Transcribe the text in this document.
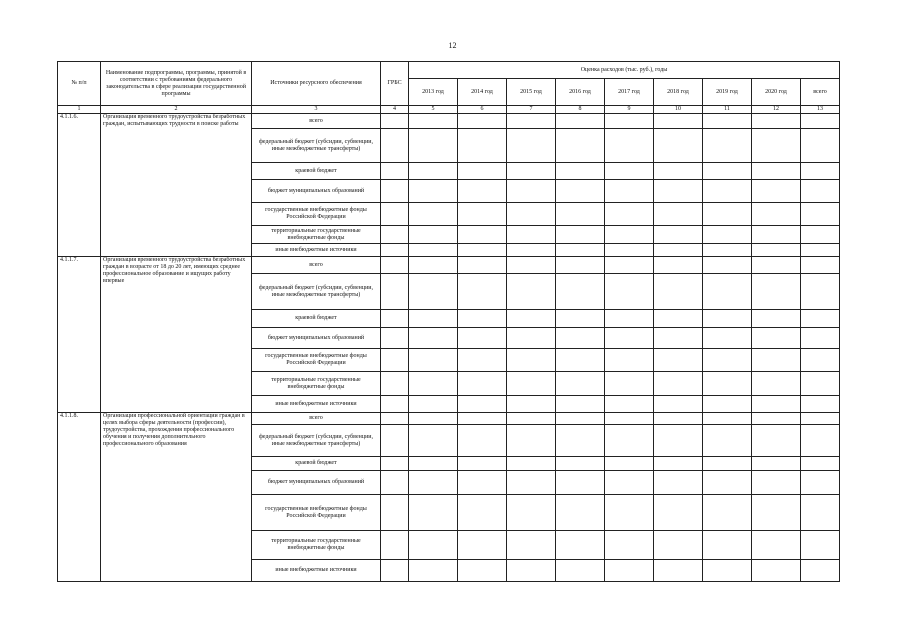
12
№ п/п	Наименование подпрограммы, программы, принятой в соответствии с требованиями федерального законодательства в сфере реализации государственной программы	Источники ресурсного обеспечения	ГРБС	Оценка расходов (тыс. руб.), годы								
				2013 год	2014 год	2015 год	2016 год	2017 год	2018 год	2019 год	2020 год	всего
1	2	3	4	5	6	7	8	9	10	11	12	13
4.1.1.6.	Организация временного трудоустройства безработных граждан, испытывающих трудности в поиске работы	всего										
		федеральный бюджет (субсидии, субвенции, иные межбюджетные трансферты)										
		краевой бюджет										
		бюджет муниципальных образований										
		государственные внебюджетные фонды Российской Федерации										
		территориальные государственные внебюджетные фонды										
		иные внебюджетные источники										
4.1.1.7.	Организация временного трудоустройства безработных граждан в возрасте от 18 до 20 лет, имеющих среднее профессиональное образование и ищущих работу впервые	всего										
		федеральный бюджет (субсидии, субвенции, иные межбюджетные трансферты)										
		краевой бюджет										
		бюджет муниципальных образований										
		государственные внебюджетные фонды Российской Федерации										
		территориальные государственные внебюджетные фонды										
		иные внебюджетные источники										
4.1.1.8.	Организация профессиональной ориентации граждан в целях выбора сферы деятельности (профессии), трудоустройства, прохождения профессионального обучения и получения дополнительного профессионального образования	всего										
		федеральный бюджет (субсидии, субвенции, иные межбюджетные трансферты)										
		краевой бюджет										
		бюджет муниципальных образований										
		государственные внебюджетные фонды Российской Федерации										
		территориальные государственные внебюджетные фонды										
		иные внебюджетные источники										
